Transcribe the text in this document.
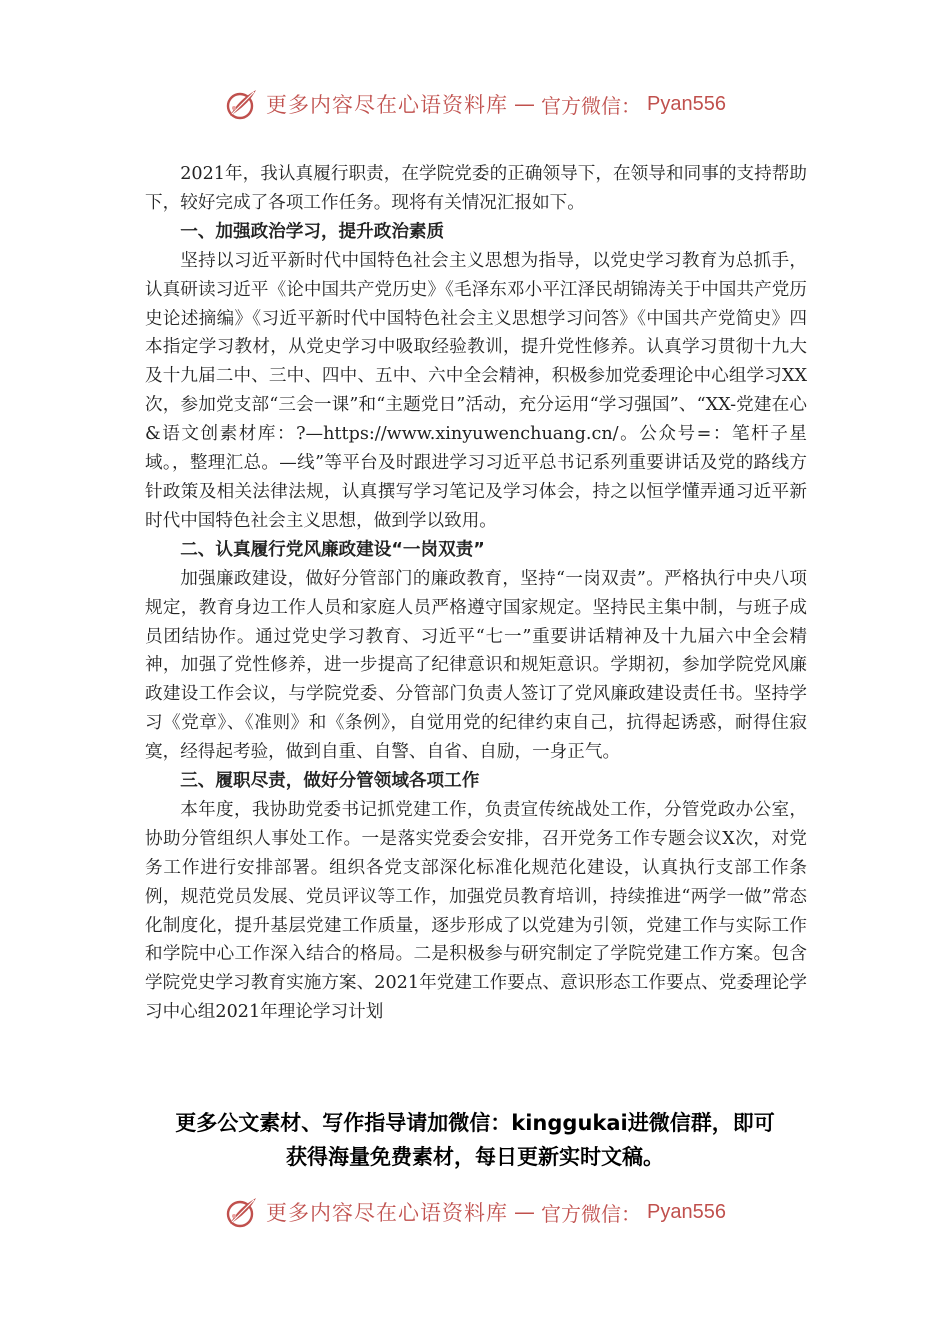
更多内容尽在心语资料库 — 官方微信： Pyan556

2021年，我认真履行职责，在学院党委的正确领导下，在领导和同事的支持帮助下，较好完成了各项工作任务。现将有关情况汇报如下。

一、加强政治学习，提升政治素质

坚持以习近平新时代中国特色社会主义思想为指导，以党史学习教育为总抓手，认真研读习近平《论中国共产党历史》《毛泽东邓小平江泽民胡锦涛关于中国共产党历史论述摘编》《习近平新时代中国特色社会主义思想学习问答》《中国共产党简史》四本指定学习教材，从党史学习中吸取经验教训，提升党性修养。认真学习贯彻十九大及十九届二中、三中、四中、五中、六中全会精神，积极参加党委理论中心组学习XX次，参加党支部“三会一课”和“主题党日”活动，充分运用“学习强国”、“XX-党建在心&语文创素材库：?—https://www.xinyuwenchuang.cn/。公众号=：笔杆子星域。，整理汇总。—线”等平台及时跟进学习习近平总书记系列重要讲话及党的路线方针政策及相关法律法规，认真撰写学习笔记及学习体会，持之以恒学懂弄通习近平新时代中国特色社会主义思想，做到学以致用。

二、认真履行党风廉政建设“一岗双责”

加强廉政建设，做好分管部门的廉政教育，坚持“一岗双责”。严格执行中央八项规定，教育身边工作人员和家庭人员严格遵守国家规定。坚持民主集中制，与班子成员团结协作。通过党史学习教育、习近平“七一”重要讲话精神及十九届六中全会精神，加强了党性修养，进一步提高了纪律意识和规矩意识。学期初，参加学院党风廉政建设工作会议，与学院党委、分管部门负责人签订了党风廉政建设责任书。坚持学习《党章》、《准则》和《条例》，自觉用党的纪律约束自己，抗得起诱惑，耐得住寂寞，经得起考验，做到自重、自警、自省、自励，一身正气。

三、履职尽责，做好分管领域各项工作

本年度，我协助党委书记抓党建工作，负责宣传统战处工作，分管党政办公室，协助分管组织人事处工作。一是落实党委会安排，召开党务工作专题会议X次，对党务工作进行安排部署。组织各党支部深化标准化规范化建设，认真执行支部工作条例，规范党员发展、党员评议等工作，加强党员教育培训，持续推进“两学一做”常态化制度化，提升基层党建工作质量，逐步形成了以党建为引领，党建工作与实际工作和学院中心工作深入结合的格局。二是积极参与研究制定了学院党建工作方案。包含学院党史学习教育实施方案、2021年党建工作要点、意识形态工作要点、党委理论学习中心组2021年理论学习计划

更多公文素材、写作指导请加微信：kinggukai进微信群，即可
获得海量免费素材，每日更新实时文稿。
更多内容尽在心语资料库 — 官方微信： Pyan556
